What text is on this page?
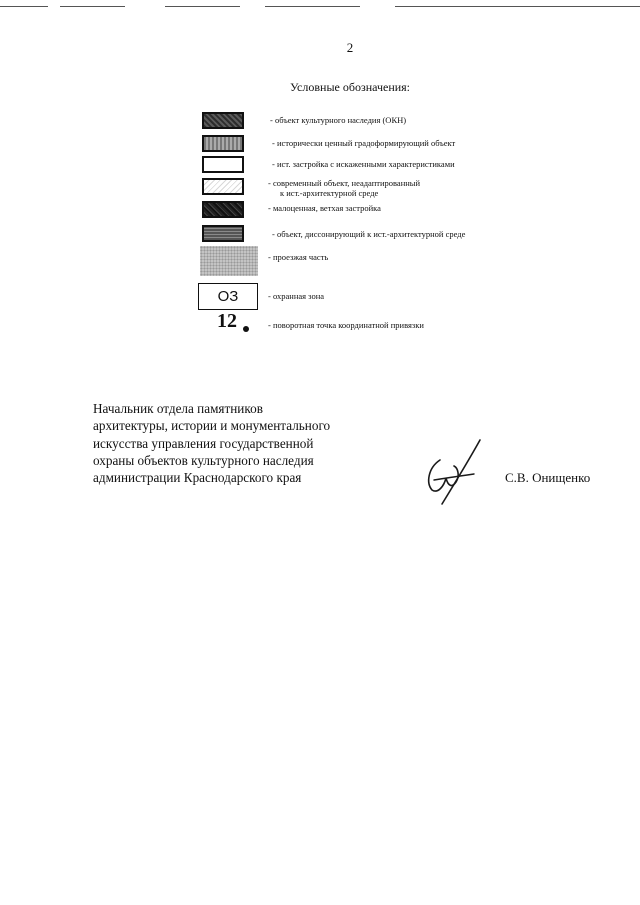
2
Условные обозначения:
- объект культурного наследия (ОКН)
- исторически ценный градоформирующий объект
- ист. застройка с искаженными характеристиками
- современный объект, неадаптированный
к ист.-архитектурной среде
- малоценная, ветхая застройка
- объект, диссонирующий к ист.-архитектурной среде
- проезжая часть
ОЗ	- охранная зона
12	- поворотная точка координатной привязки
Начальник отдела памятников
архитектуры, истории и монументального
искусства управления государственной
охраны объектов культурного наследия
администрации Краснодарского края	С.В. Онищенко
